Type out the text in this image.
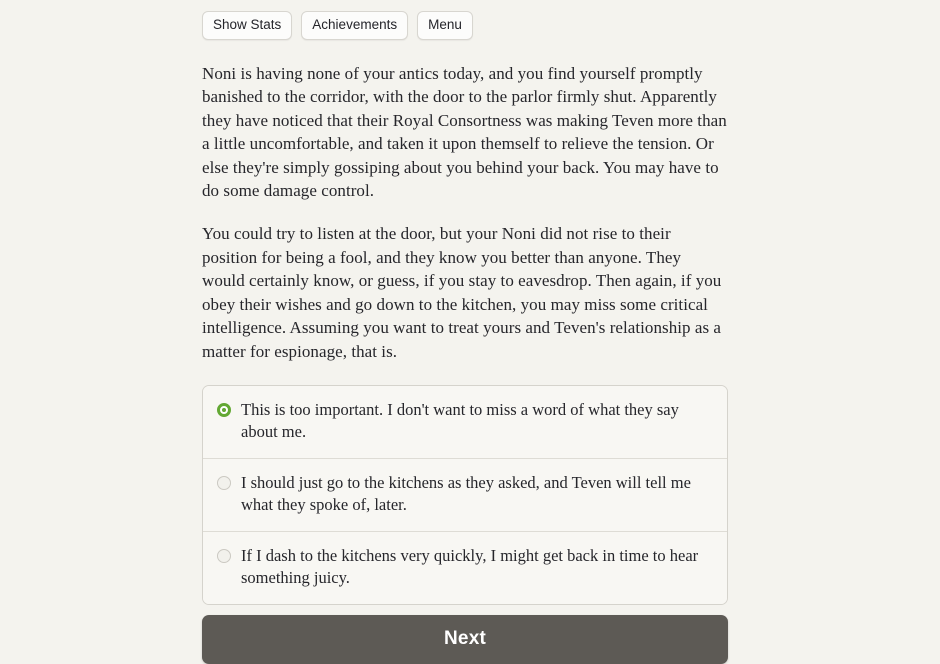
Show Stats	Achievements	Menu

Noni is having none of your antics today, and you find yourself promptly banished to the corridor, with the door to the parlor firmly shut. Apparently they have noticed that their Royal Consortness was making Teven more than a little uncomfortable, and taken it upon themself to relieve the tension. Or else they're simply gossiping about you behind your back. You may have to do some damage control.

You could try to listen at the door, but your Noni did not rise to their position for being a fool, and they know you better than anyone. They would certainly know, or guess, if you stay to eavesdrop. Then again, if you obey their wishes and go down to the kitchen, you may miss some critical intelligence. Assuming you want to treat yours and Teven's relationship as a matter for espionage, that is.

This is too important. I don't want to miss a word of what they say about me.
I should just go to the kitchens as they asked, and Teven will tell me what they spoke of, later.
If I dash to the kitchens very quickly, I might get back in time to hear something juicy.
Next
